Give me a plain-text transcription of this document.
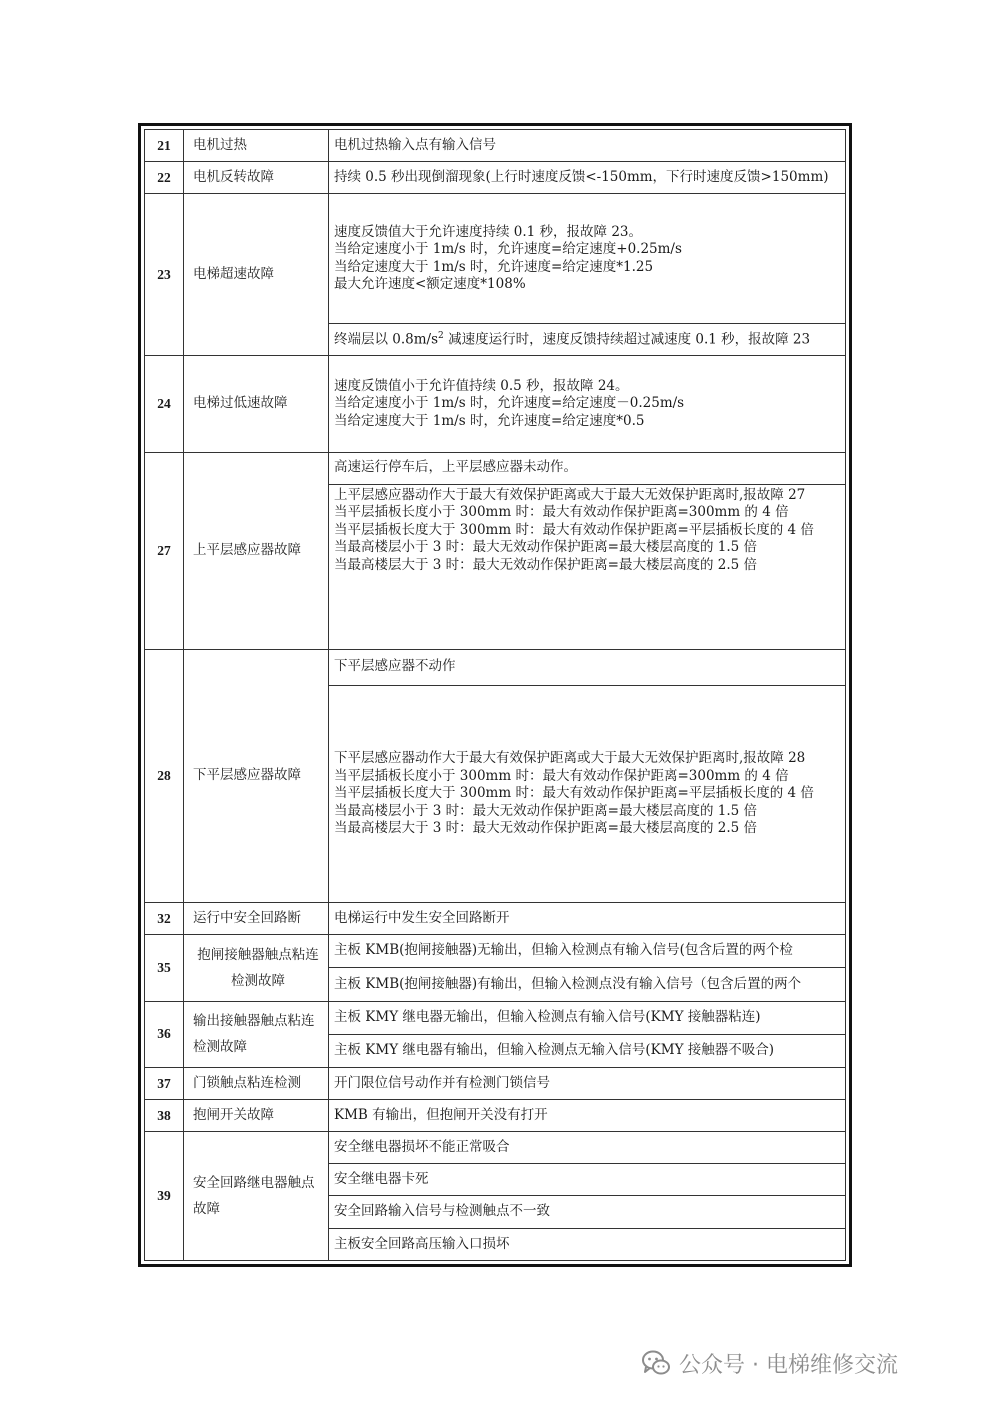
21	电机过热	电机过热输入点有输入信号
22	电机反转故障	持续 0.5 秒出现倒溜现象(上行时速度反馈<-150mm，下行时速度反馈>150mm)

23	电梯超速故障	速度反馈值大于允许速度持续 0.1 秒，报故障 23。
当给定速度小于 1m/s 时，允许速度=给定速度+0.25m/s
当给定速度大于 1m/s 时，允许速度=给定速度*1.25
最大允许速度<额定速度*108%

		终端层以 $0.8m/s^2$ 减速度运行时，速度反馈持续超过减速度 0.1 秒，报故障 23

24	电梯过低速故障	速度反馈值小于允许值持续 0.5 秒，报故障 24。
当给定速度小于 1m/s 时，允许速度=给定速度－0.25m/s
当给定速度大于 1m/s 时，允许速度=给定速度*0.5

27	上平层感应器故障	高速运行停车后，上平层感应器未动作。

		上平层感应器动作大于最大有效保护距离或大于最大无效保护距离时,报故障 27
当平层插板长度小于 300mm 时：最大有效动作保护距离=300mm 的 4 倍
当平层插板长度大于 300mm 时：最大有效动作保护距离=平层插板长度的 4 倍
当最高楼层小于 3 时：最大无效动作保护距离=最大楼层高度的 1.5 倍
当最高楼层大于 3 时：最大无效动作保护距离=最大楼层高度的 2.5 倍

28	下平层感应器故障	下平层感应器不动作

		下平层感应器动作大于最大有效保护距离或大于最大无效保护距离时,报故障 28
当平层插板长度小于 300mm 时：最大有效动作保护距离=300mm 的 4 倍
当平层插板长度大于 300mm 时：最大有效动作保护距离=平层插板长度的 4 倍
当最高楼层小于 3 时：最大无效动作保护距离=最大楼层高度的 1.5 倍
当最高楼层大于 3 时：最大无效动作保护距离=最大楼层高度的 2.5 倍

32	运行中安全回路断	电梯运行中发生安全回路断开
35	抱闸接触器触点粘连检测故障	主板 KMB(抱闸接触器)无输出，但输入检测点有输入信号(包含后置的两个检

		主板 KMB(抱闸接触器)有输出，但输入检测点没有输入信号（包含后置的两个

36	输出接触器触点粘连检测故障	主板 KMY 继电器无输出，但输入检测点有输入信号(KMY 接触器粘连)

		主板 KMY 继电器有输出，但输入检测点无输入信号(KMY 接触器不吸合)

37	门锁触点粘连检测	开门限位信号动作并有检测门锁信号
38	抱闸开关故障	KMB 有输出，但抱闸开关没有打开
39	安全回路继电器触点故障	安全继电器损坏不能正常吸合
		安全继电器卡死
		安全回路输入信号与检测触点不一致
		主板安全回路高压输入口损坏
公众号 · 电梯维修交流
